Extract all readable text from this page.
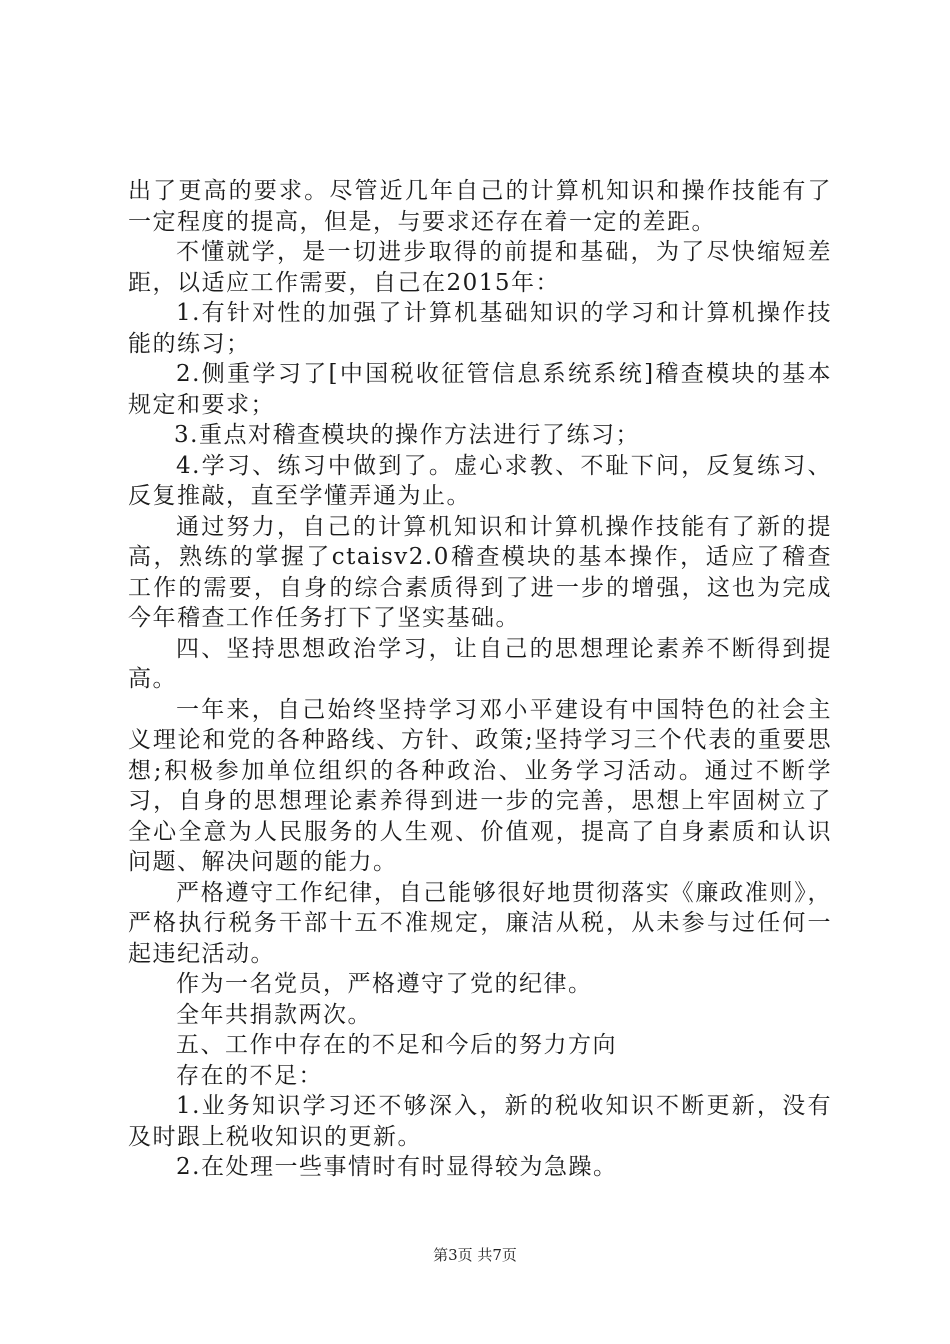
出了更高的要求。尽管近几年自己的计算机知识和操作技能有了一定程度的提高，但是，与要求还存在着一定的差距。

不懂就学，是一切进步取得的前提和基础，为了尽快缩短差距，以适应工作需要，自己在2015年：

1.有针对性的加强了计算机基础知识的学习和计算机操作技能的练习；

2.侧重学习了[中国税收征管信息系统系统]稽查模块的基本规定和要求；

3.重点对稽查模块的操作方法进行了练习；

4.学习、练习中做到了。虚心求教、不耻下问，反复练习、反复推敲，直至学懂弄通为止。

通过努力，自己的计算机知识和计算机操作技能有了新的提高，熟练的掌握了ctaisv2.0稽查模块的基本操作，适应了稽查工作的需要，自身的综合素质得到了进一步的增强，这也为完成今年稽查工作任务打下了坚实基础。

四、坚持思想政治学习，让自己的思想理论素养不断得到提高。

一年来，自己始终坚持学习邓小平建设有中国特色的社会主义理论和党的各种路线、方针、政策;坚持学习三个代表的重要思想;积极参加单位组织的各种政治、业务学习活动。通过不断学习，自身的思想理论素养得到进一步的完善，思想上牢固树立了全心全意为人民服务的人生观、价值观，提高了自身素质和认识问题、解决问题的能力。

严格遵守工作纪律，自己能够很好地贯彻落实《廉政准则》，严格执行税务干部十五不准规定，廉洁从税，从未参与过任何一起违纪活动。

作为一名党员，严格遵守了党的纪律。

全年共捐款两次。

五、工作中存在的不足和今后的努力方向

存在的不足：

1.业务知识学习还不够深入，新的税收知识不断更新，没有及时跟上税收知识的更新。

2.在处理一些事情时有时显得较为急躁。

第3页 共7页
